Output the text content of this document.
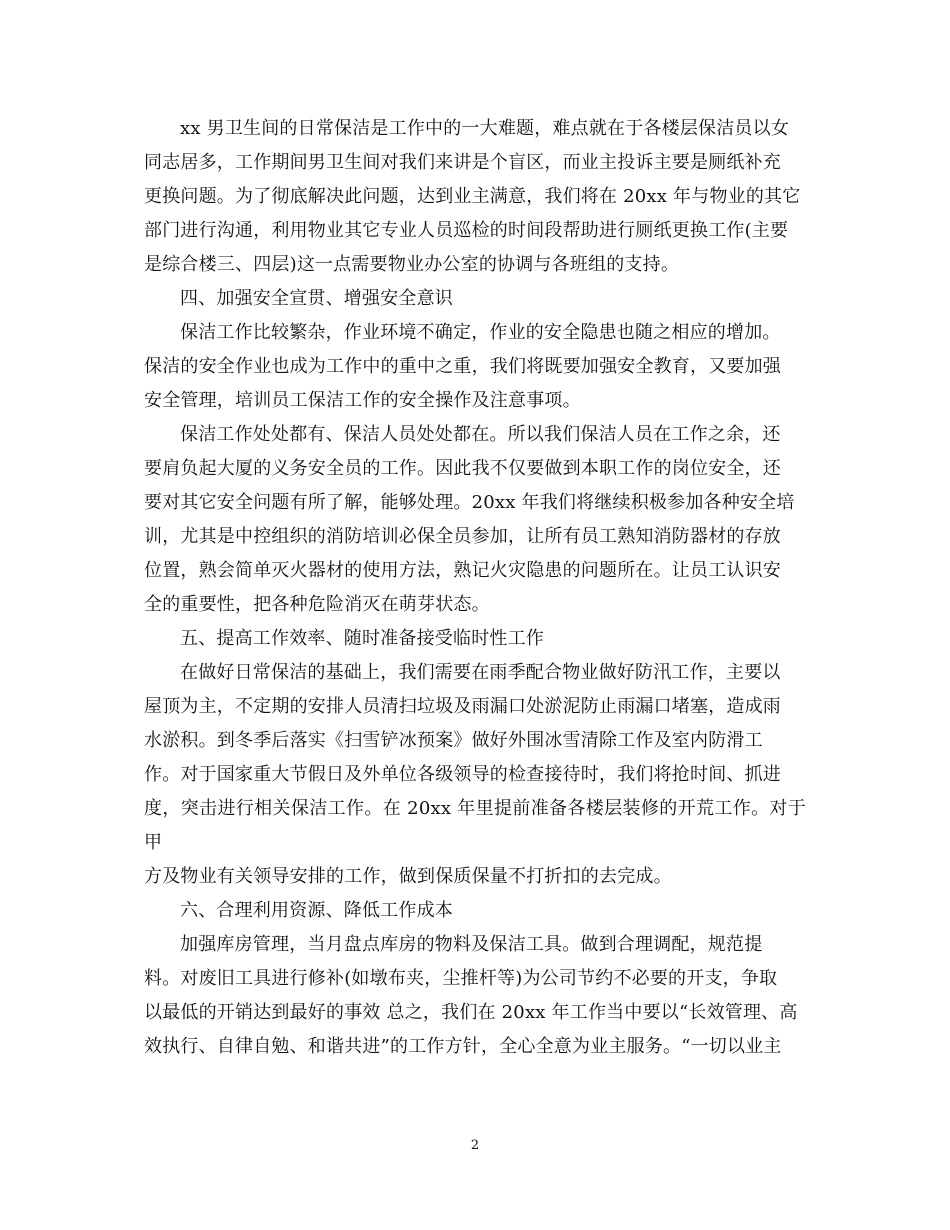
xx 男卫生间的日常保洁是工作中的一大难题，难点就在于各楼层保洁员以女
同志居多，工作期间男卫生间对我们来讲是个盲区，而业主投诉主要是厕纸补充
更换问题。为了彻底解决此问题，达到业主满意，我们将在 20xx 年与物业的其它
部门进行沟通，利用物业其它专业人员巡检的时间段帮助进行厕纸更换工作(主要
是综合楼三、四层)这一点需要物业办公室的协调与各班组的支持。

四、加强安全宣贯、增强安全意识

保洁工作比较繁杂，作业环境不确定，作业的安全隐患也随之相应的增加。
保洁的安全作业也成为工作中的重中之重，我们将既要加强安全教育，又要加强
安全管理，培训员工保洁工作的安全操作及注意事项。

保洁工作处处都有、保洁人员处处都在。所以我们保洁人员在工作之余，还
要肩负起大厦的义务安全员的工作。因此我不仅要做到本职工作的岗位安全，还
要对其它安全问题有所了解，能够处理。20xx 年我们将继续积极参加各种安全培
训，尤其是中控组织的消防培训必保全员参加，让所有员工熟知消防器材的存放
位置，熟会简单灭火器材的使用方法，熟记火灾隐患的问题所在。让员工认识安
全的重要性，把各种危险消灭在萌芽状态。

五、提高工作效率、随时准备接受临时性工作

在做好日常保洁的基础上，我们需要在雨季配合物业做好防汛工作，主要以
屋顶为主，不定期的安排人员清扫垃圾及雨漏口处淤泥防止雨漏口堵塞，造成雨
水淤积。到冬季后落实《扫雪铲冰预案》做好外围冰雪清除工作及室内防滑工
作。对于国家重大节假日及外单位各级领导的检查接待时，我们将抢时间、抓进
度，突击进行相关保洁工作。在 20xx 年里提前准备各楼层装修的开荒工作。对于甲
方及物业有关领导安排的工作，做到保质保量不打折扣的去完成。

六、合理利用资源、降低工作成本

加强库房管理，当月盘点库房的物料及保洁工具。做到合理调配，规范提
料。对废旧工具进行修补(如墩布夹，尘推杆等)为公司节约不必要的开支，争取
以最低的开销达到最好的事效 总之，我们在 20xx 年工作当中要以“长效管理、高
效执行、自律自勉、和谐共进”的工作方针，全心全意为业主服务。“一切以业主

2
